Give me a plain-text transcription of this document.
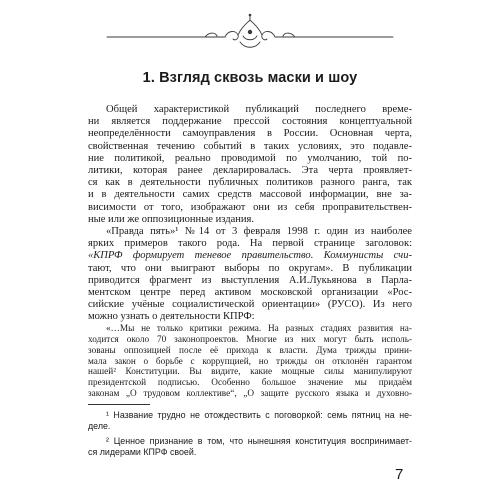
1. Взгляд сквозь маски и шоу

Общей характеристикой публикаций последнего време-
ни является поддержание прессой состояния концептуальной
неопределённости самоуправления в России. Основная черта,
свойственная течению событий в таких условиях, это подавле-
ние политикой, реально проводимой по умолчанию, той по-
литики, которая ранее декларировалась. Эта черта проявляет-
ся как в деятельности публичных политиков разного ранга, так
и в деятельности самих средств массовой информации, вне за-
висимости от того, изображают они из себя проправительствен-
ные или же оппозиционные издания.

«Правда пять»¹ №14 от 3 февраля 1998 г. один из наиболее
ярких примеров такого рода. На первой странице заголовок:
«КПРФ формирует теневое правительство. Коммунисты счи-
тают, что они выиграют выборы по округам». В публикации
приводится фрагмент из выступления А.И.Лукьянова в Парла-
ментском центре перед активом московской организации «Рос-
сийские учёные социалистической ориентации» (РУСО). Из него
можно узнать о деятельности КПРФ:

«…Мы не только критики режима. На разных стадиях развития на-
ходится около 70 законопроектов. Многие из них могут быть исполь-
зованы оппозицией после её прихода к власти. Дума трижды прини-
мала закон о борьбе с коррупцией, но трижды он отклонён гарантом
нашей² Конституции. Вы видите, какие мощные силы манипулируют
президентской подписью. Особенно большое значение мы придаём
законам „О трудовом коллективе“, „О защите русского языка и духовно-

¹ Название трудно не отождествить с поговоркой: семь пятниц на не-
деле.
² Ценное признание в том, что нынешняя конституция воспринимает-
ся лидерами КПРФ своей.
7
